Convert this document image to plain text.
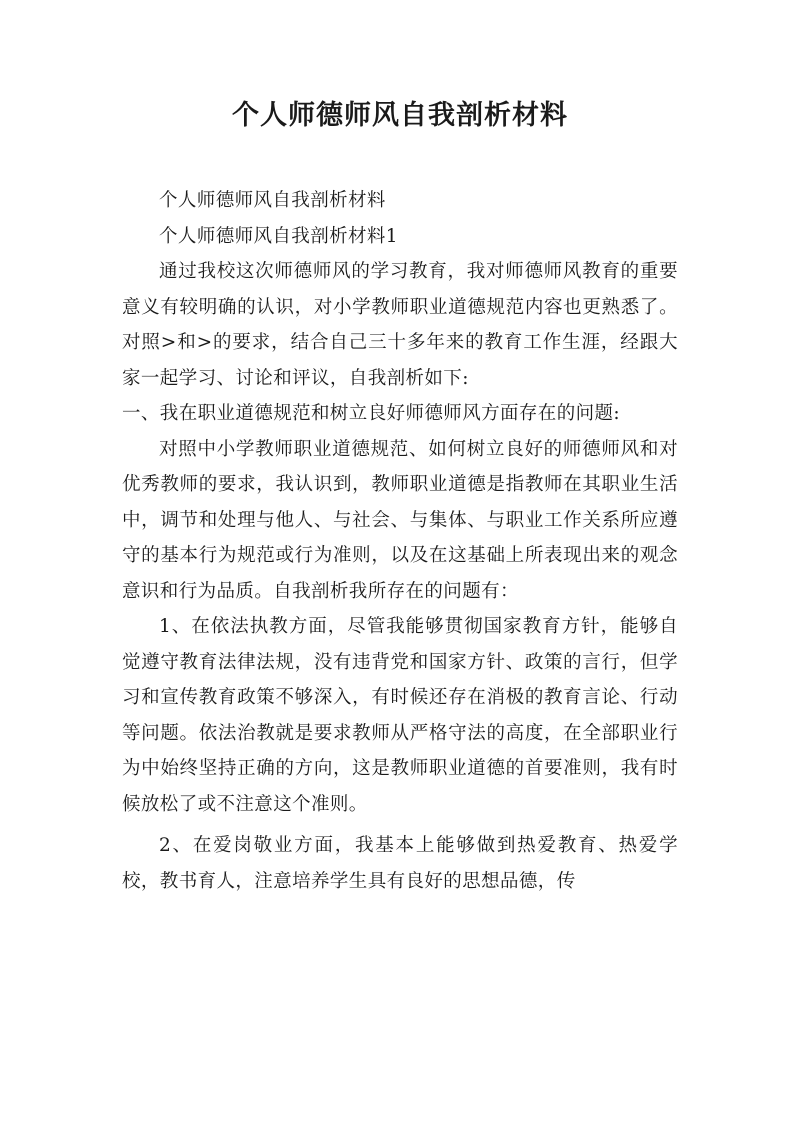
个人师德师风自我剖析材料

个人师德师风自我剖析材料

个人师德师风自我剖析材料1

通过我校这次师德师风的学习教育，我对师德师风教育的重要意义有较明确的认识，对小学教师职业道德规范内容也更熟悉了。对照>和>的要求，结合自己三十多年来的教育工作生涯，经跟大家一起学习、讨论和评议，自我剖析如下:

一、我在职业道德规范和树立良好师德师风方面存在的问题:

对照中小学教师职业道德规范、如何树立良好的师德师风和对优秀教师的要求，我认识到，教师职业道德是指教师在其职业生活中，调节和处理与他人、与社会、与集体、与职业工作关系所应遵守的基本行为规范或行为准则，以及在这基础上所表现出来的观念意识和行为品质。自我剖析我所存在的问题有：

1、在依法执教方面，尽管我能够贯彻国家教育方针，能够自觉遵守教育法律法规，没有违背党和国家方针、政策的言行，但学习和宣传教育政策不够深入，有时候还存在消极的教育言论、行动等问题。依法治教就是要求教师从严格守法的高度，在全部职业行为中始终坚持正确的方向，这是教师职业道德的首要准则，我有时候放松了或不注意这个准则。

2、在爱岗敬业方面，我基本上能够做到热爱教育、热爱学校，教书育人，注意培养学生具有良好的思想品德，传
